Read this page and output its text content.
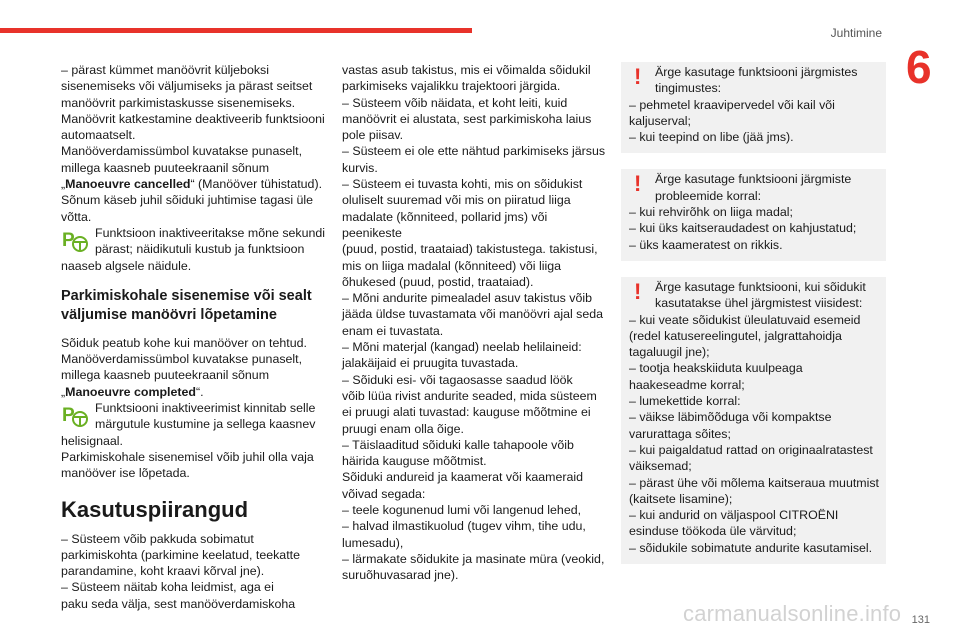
Juhtimine
6

– pärast kümmet manöövrit küljeboksi
sisenemiseks või väljumiseks ja pärast seitset
manöövrit parkimistaskusse sisenemiseks.
Manöövrit katkestamine deaktiveerib funktsiooni
automaatselt.
Manööverdamissümbol kuvatakse punaselt,
millega kaasneb puuteekraanil sõnum
„Manoeuvre cancelled“ (Manööver tühistatud).
Sõnum käseb juhil sõiduki juhtimise tagasi üle
võtta.

P Funktsioon inaktiveeritakse mõne sekundi
pärast; näidikutuli kustub ja funktsioon

naaseb algsele näidule.

Parkimiskohale sisenemise või sealt
väljumise manöövri lõpetamine

Sõiduk peatub kohe kui manööver on tehtud.
Manööverdamissümbol kuvatakse punaselt,
millega kaasneb puuteekraanil sõnum
„Manoeuvre completed“.

P Funktsiooni inaktiveerimist kinnitab selle
märgutule kustumine ja sellega kaasnev

helisignaal.
Parkimiskohale sisenemisel võib juhil olla vaja
manööver ise lõpetada.

Kasutuspiirangud

– Süsteem võib pakkuda sobimatut
parkimiskohta (parkimine keelatud, teekatte
parandamine, koht kraavi kõrval jne).
– Süsteem näitab koha leidmist, aga ei
paku seda välja, sest manööverdamiskoha

vastas asub takistus, mis ei võimalda sõidukil
parkimiseks vajalikku trajektoori järgida.
– Süsteem võib näidata, et koht leiti, kuid
manöövrit ei alustata, sest parkimiskoha laius
pole piisav.
– Süsteem ei ole ette nähtud parkimiseks järsus
kurvis.
– Süsteem ei tuvasta kohti, mis on sõidukist
oluliselt suuremad või mis on piiratud liiga
madalate (kõnniteed, pollarid jms) või peenikeste
(puud, postid, traataiad) takistustega. takistusi,
mis on liiga madalal (kõnniteed) või liiga
õhukesed (puud, postid, traataiad).
– Mõni andurite pimealadel asuv takistus võib
jääda üldse tuvastamata või manöövri ajal seda
enam ei tuvastata.
– Mõni materjal (kangad) neelab helilaineid:
jalakäijaid ei pruugita tuvastada.
– Sõiduki esi- või tagaosasse saadud löök
võib lüüa rivist andurite seaded, mida süsteem
ei pruugi alati tuvastad: kauguse mõõtmine ei
pruugi enam olla õige.
– Täislaaditud sõiduki kalle tahapoole võib
häirida kauguse mõõtmist.
Sõiduki andureid ja kaamerat või kaameraid
võivad segada:
– teele kogunenud lumi või langenud lehed,
– halvad ilmastikuolud (tugev vihm, tihe udu,
lumesadu),
– lärmakate sõidukite ja masinate müra (veokid,
suruõhuvasarad jne).

! Ärge kasutage funktsiooni järgmistes
tingimustes:

– pehmetel kraavipervedel või kail või
kaljuserval;
– kui teepind on libe (jää jms).
! Ärge kasutage funktsiooni järgmiste
probleemide korral:

– kui rehvirõhk on liiga madal;
– kui üks kaitseraudadest on kahjustatud;
– üks kaameratest on rikkis.
! Ärge kasutage funktsiooni, kui sõidukit
kasutatakse ühel järgmistest viisidest:

– kui veate sõidukist üleulatuvaid esemeid
(redel katusereelingutel, jalgrattahoidja
tagaluugil jne);
– tootja heakskiiduta kuulpeaga
haakeseadme korral;
– lumekettide korral:
– väikse läbimõõduga või kompaktse
varurattaga sõites;
– kui paigaldatud rattad on originaalratastest
väiksemad;
– pärast ühe või mõlema kaitseraua muutmist
(kaitsete lisamine);
– kui andurid on väljaspool CITROËNI
esinduse töökoda üle värvitud;
– sõidukile sobimatute andurite kasutamisel.
carmanualsonline.info 131
